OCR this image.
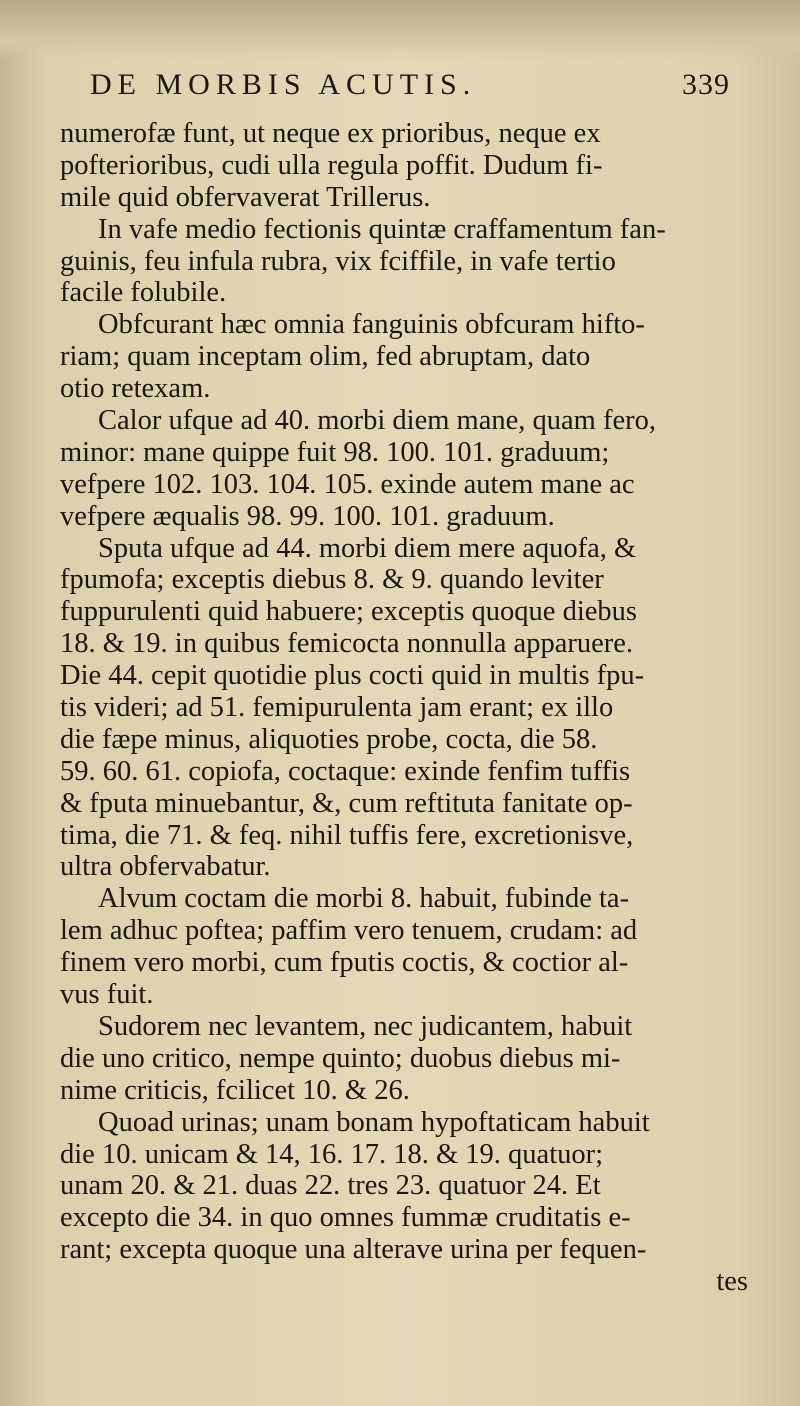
DE MORBIS ACUTIS.	339
numerofæ funt, ut neque ex prioribus, neque ex
pofterioribus, cudi ulla regula poffit. Dudum fi-
mile quid obfervaverat Trillerus.
In vafe medio fectionis quintæ craffamentum fan-
guinis, feu infula rubra, vix fciffile, in vafe tertio
facile folubile.
Obfcurant hæc omnia fanguinis obfcuram hifto-
riam; quam inceptam olim, fed abruptam, dato
otio retexam.
Calor ufque ad 40. morbi diem mane, quam fero,
minor: mane quippe fuit 98. 100. 101. graduum;
vefpere 102. 103. 104. 105. exinde autem mane ac
vefpere æqualis 98. 99. 100. 101. graduum.
Sputa ufque ad 44. morbi diem mere aquofa, &
fpumofa; exceptis diebus 8. & 9. quando leviter
fuppurulenti quid habuere; exceptis quoque diebus
18. & 19. in quibus femicocta nonnulla apparuere.
Die 44. cepit quotidie plus cocti quid in multis fpu-
tis videri; ad 51. femipurulenta jam erant; ex illo
die fæpe minus, aliquoties probe, cocta, die 58.
59. 60. 61. copiofa, coctaque: exinde fenfim tuffis
& fputa minuebantur, &, cum reftituta fanitate op-
tima, die 71. & feq. nihil tuffis fere, excretionisve,
ultra obfervabatur.
Alvum coctam die morbi 8. habuit, fubinde ta-
lem adhuc poftea; paffim vero tenuem, crudam: ad
finem vero morbi, cum fputis coctis, & coctior al-
vus fuit.
Sudorem nec levantem, nec judicantem, habuit
die uno critico, nempe quinto; duobus diebus mi-
nime criticis, fcilicet 10. & 26.
Quoad urinas; unam bonam hypoftaticam habuit
die 10. unicam & 14, 16. 17. 18. & 19. quatuor;
unam 20. & 21. duas 22. tres 23. quatuor 24. Et
excepto die 34. in quo omnes fummæ cruditatis e-
rant; excepta quoque una alterave urina per fequen-
tes
